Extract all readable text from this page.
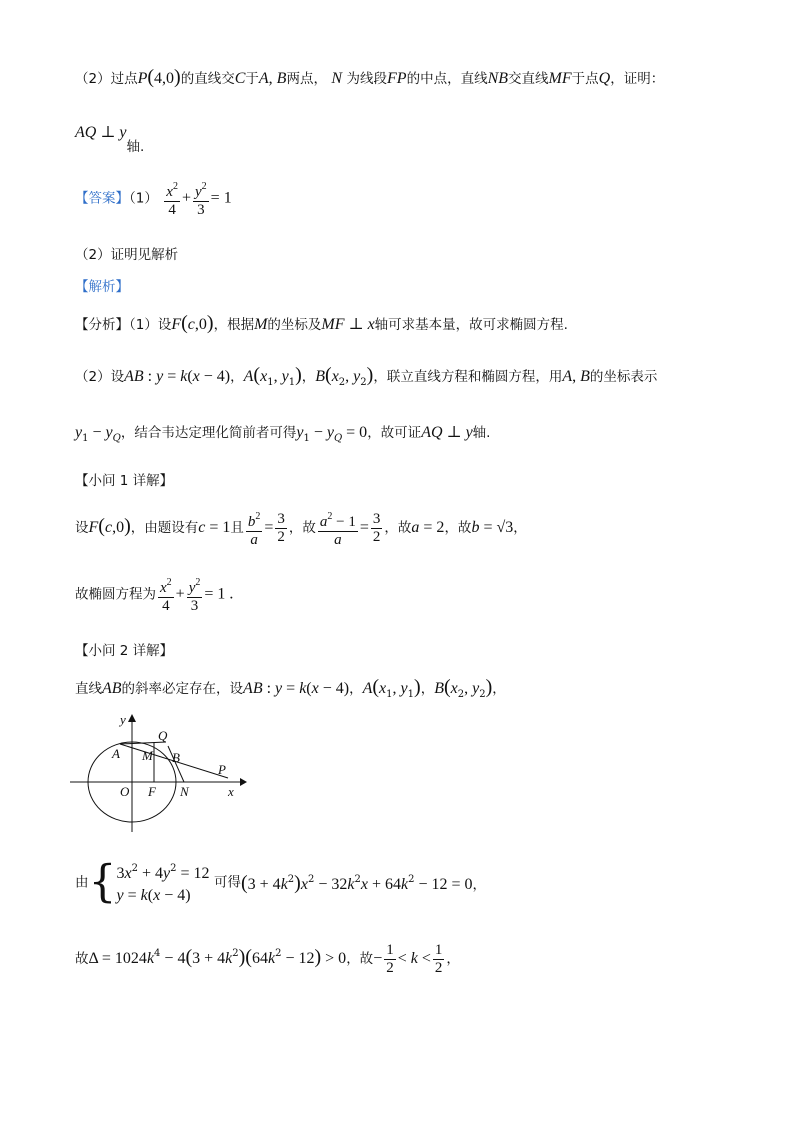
（2）过点P(4,0)的直线交C于A, B两点， N 为线段FP的中点，直线NB交直线MF于点Q，证明：
AQ ⊥ y轴.
【答案】$(1) \frac{x^2}{4} + \frac{y^2}{3} = 1$
（2）证明见解析
【解析】
【分析】（1）设F(c,0)，根据M的坐标及MF ⊥ x轴可求基本量，故可求椭圆方程.
（2）设AB : y = k(x − 4)，$A(x_1$, $y_1$)，$B(x_2$, $y_2$)，联立直线方程和椭圆方程，用A, B的坐标表示
$y_1 - y_Q$，结合韦达定理化简前者可得$y_1 - y_Q = 0$，故可证AQ ⊥ y轴.
【小问 1 详解】
设F(c,0)，由题设有c = 1且 $\frac{b^2}{a} = \frac{3}{2}$ ，故 $\frac{a^2 - 1}{a} = \frac{3}{2}$ ，故a = 2，故b = √3，
故椭圆方程为 $\frac{x^2}{4} + \frac{y^2}{3} = 1$ .
【小问 2 详解】
直线AB的斜率必定存在，设AB : y = k(x − 4)，$A(x_1$, $y_1$)，$B(x_2$, $y_2$)，
y
Q
A M B
P
O F N	x
由{ $3x^2 + 4y^2 = 12$
y = k(x − 4)
可得$(3 + 4k^2)x^2 - 32k^2x + 64k^2 - 12 = 0$，
故$\Delta = 1024k^4 - 4(3 + 4k^2)(64k^2 - 12) > 0$，故− $\frac{1}{2} < k < \frac{1}{2}$ ，
